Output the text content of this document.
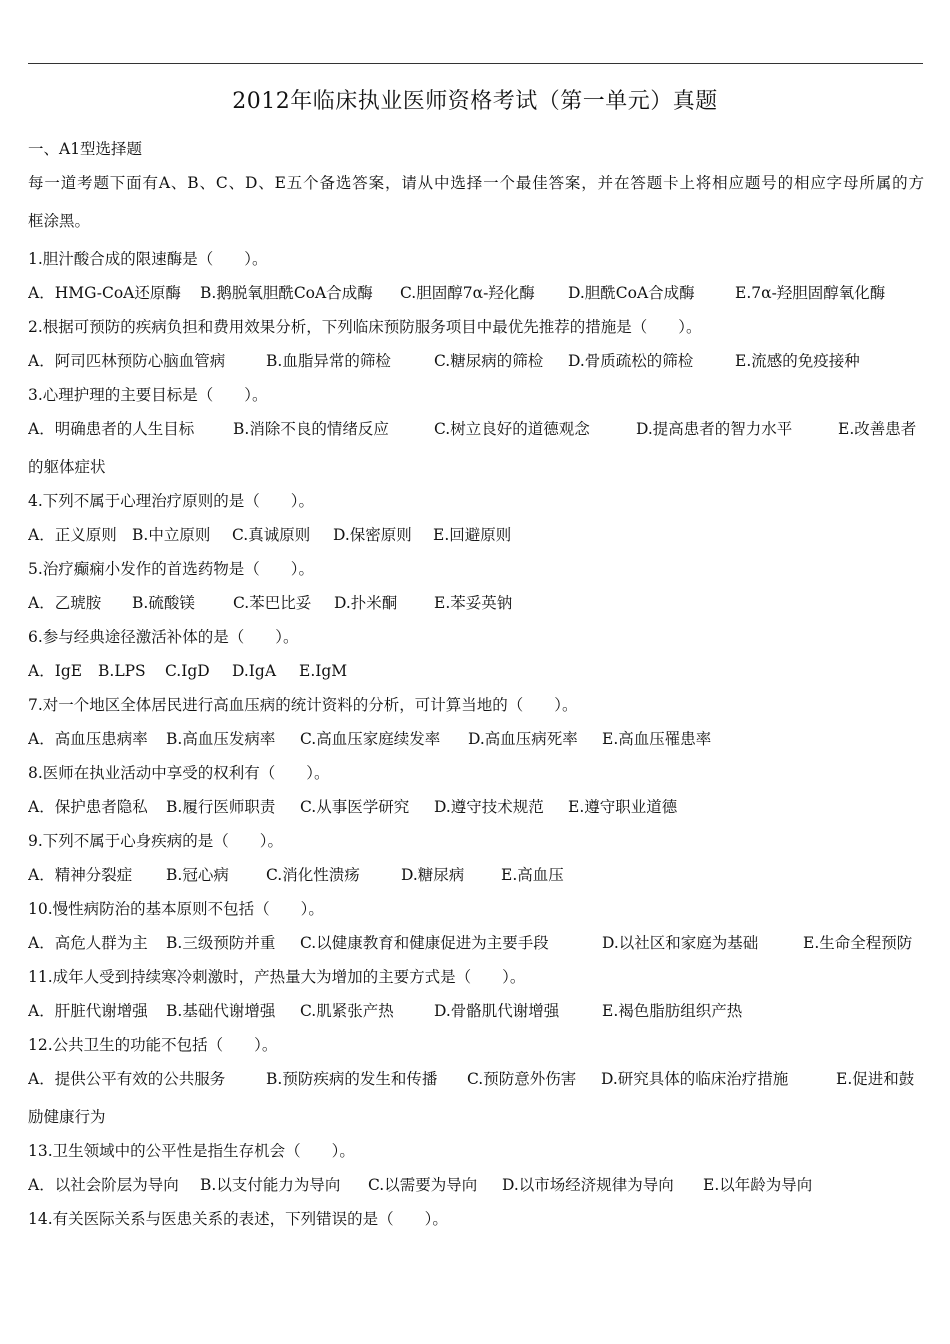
2012年临床执业医师资格考试（第一单元）真题
一、A1型选择题
每一道考题下面有A、B、C、D、E五个备选答案，请从中选择一个最佳答案，并在答题卡上将相应题号的相应字母所属的方
框涂黑。
1.胆汁酸合成的限速酶是（　　）。
A．HMG-CoA还原酶	B.鹅脱氧胆酰CoA合成酶	C.胆固醇7α-羟化酶	D.胆酰CoA合成酶	E.7α-羟胆固醇氧化酶
2.根据可预防的疾病负担和费用效果分析，下列临床预防服务项目中最优先推荐的措施是（　　）。
A．阿司匹林预防心脑血管病	B.血脂异常的筛检	C.糖尿病的筛检	D.骨质疏松的筛检	E.流感的免疫接种
3.心理护理的主要目标是（　　）。
A．明确患者的人生目标	B.消除不良的情绪反应	C.树立良好的道德观念	D.提高患者的智力水平	E.改善患者
的躯体症状
4.下列不属于心理治疗原则的是（　　）。
A．正义原则 B.中立原则	C.真诚原则	D.保密原则	E.回避原则
5.治疗癫痫小发作的首选药物是（　　）。
A．乙琥胺	B.硫酸镁	C.苯巴比妥	D.扑米酮	E.苯妥英钠
6.参与经典途径激活补体的是（　　）。
A．IgE	B.LPS	C.IgD	D.IgA	E.IgM
7.对一个地区全体居民进行高血压病的统计资料的分析，可计算当地的（　　）。
A．高血压患病率	B.高血压发病率	C.高血压家庭续发率	D.高血压病死率	E.高血压罹患率
8.医师在执业活动中享受的权利有（　　）。
A．保护患者隐私	B.履行医师职责	C.从事医学研究	D.遵守技术规范	E.遵守职业道德
9.下列不属于心身疾病的是（　　）。
A．精神分裂症	B.冠心病	C.消化性溃疡	D.糖尿病	E.高血压
10.慢性病防治的基本原则不包括（　　）。
A．高危人群为主	B.三级预防并重	C.以健康教育和健康促进为主要手段	D.以社区和家庭为基础	E.生命全程预防
11.成年人受到持续寒冷刺激时，产热量大为增加的主要方式是（　　）。
A．肝脏代谢增强	B.基础代谢增强	C.肌紧张产热	D.骨骼肌代谢增强	E.褐色脂肪组织产热
12.公共卫生的功能不包括（　　）。
A．提供公平有效的公共服务	B.预防疾病的发生和传播	C.预防意外伤害	D.研究具体的临床治疗措施	E.促进和鼓
励健康行为
13.卫生领域中的公平性是指生存机会（　　）。
A．以社会阶层为导向	B.以支付能力为导向	C.以需要为导向	D.以市场经济规律为导向	E.以年龄为导向
14.有关医际关系与医患关系的表述，下列错误的是（　　）。
